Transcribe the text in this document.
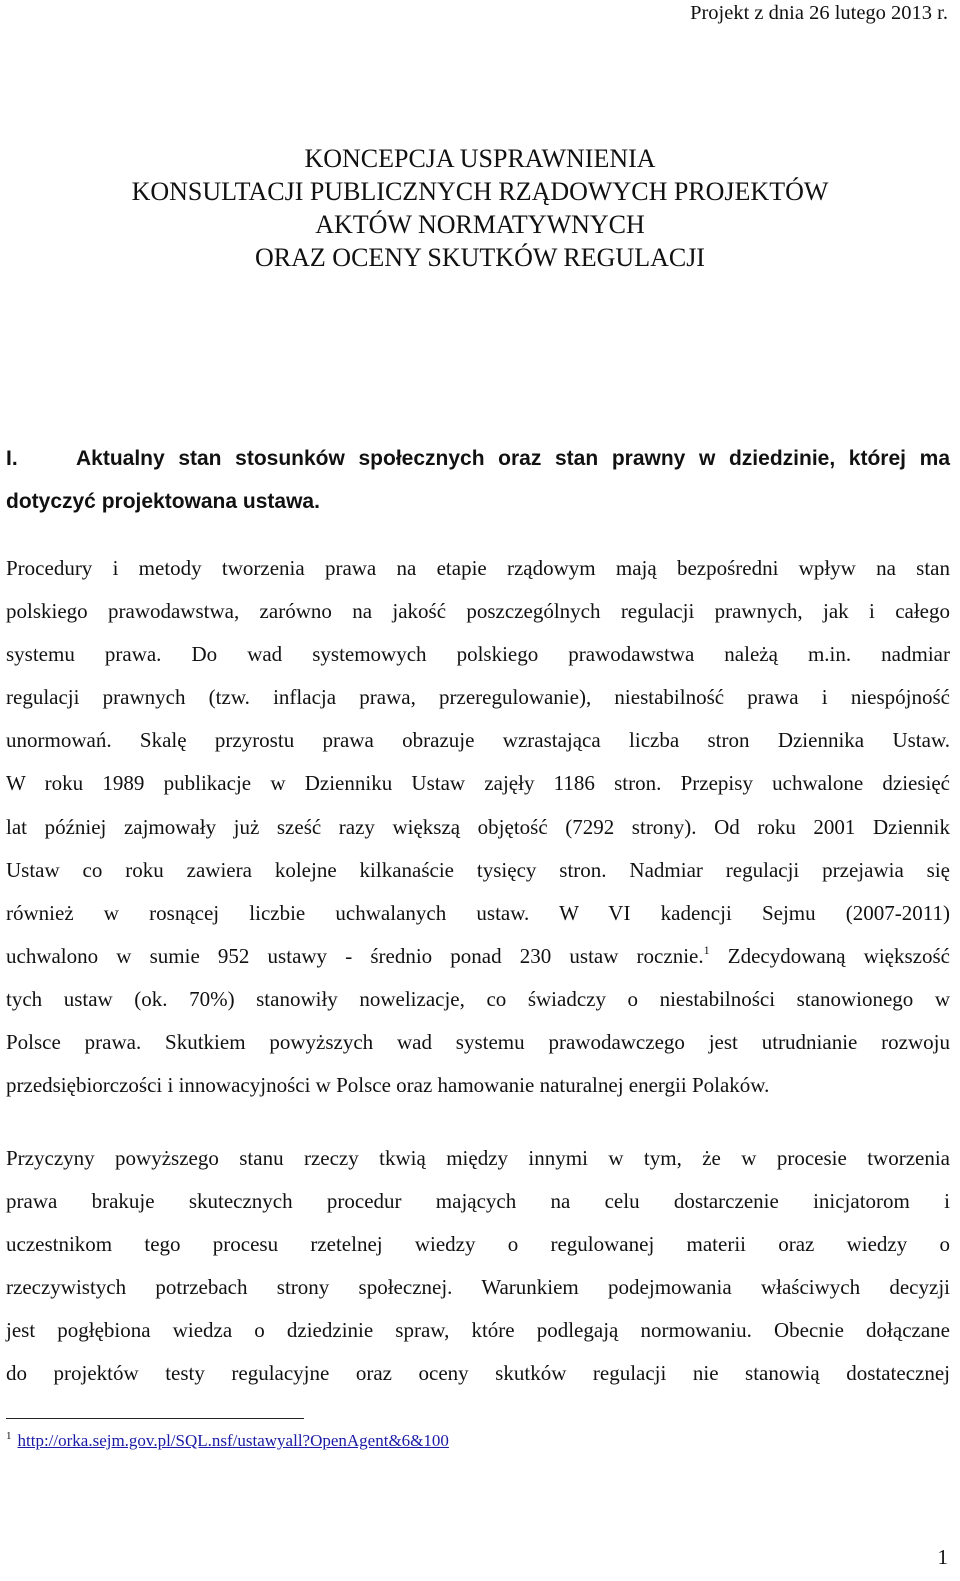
Projekt z dnia 26 lutego 2013 r.
KONCEPCJA USPRAWNIENIA
KONSULTACJI PUBLICZNYCH RZĄDOWYCH PROJEKTÓW
AKTÓW NORMATYWNYCH
ORAZ OCENY SKUTKÓW REGULACJI
I.	Aktualny stan stosunków społecznych oraz stan prawny w dziedzinie, której ma
dotyczyć projektowana ustawa.
Procedury i metody tworzenia prawa na etapie rządowym mają bezpośredni wpływ na stan
polskiego prawodawstwa, zarówno na jakość poszczególnych regulacji prawnych, jak i całego
systemu prawa. Do wad systemowych polskiego prawodawstwa należą m.in. nadmiar
regulacji prawnych (tzw. inflacja prawa, przeregulowanie), niestabilność prawa i niespójność
unormowań. Skalę przyrostu prawa obrazuje wzrastająca liczba stron Dziennika Ustaw.
W roku 1989 publikacje w Dzienniku Ustaw zajęły 1186 stron. Przepisy uchwalone dziesięć
lat później zajmowały już sześć razy większą objętość (7292 strony). Od roku 2001 Dziennik
Ustaw co roku zawiera kolejne kilkanaście tysięcy stron. Nadmiar regulacji przejawia się
również w rosnącej liczbie uchwalanych ustaw. W VI kadencji Sejmu (2007-2011)
uchwalono w sumie 952 ustawy - średnio ponad 230 ustaw rocznie.$^1$ Zdecydowaną większość
tych ustaw (ok. 70%) stanowiły nowelizacje, co świadczy o niestabilności stanowionego w
Polsce prawa. Skutkiem powyższych wad systemu prawodawczego jest utrudnianie rozwoju
przedsiębiorczości i innowacyjności w Polsce oraz hamowanie naturalnej energii Polaków.
Przyczyny powyższego stanu rzeczy tkwią między innymi w tym, że w procesie tworzenia
prawa brakuje skutecznych procedur mających na celu dostarczenie inicjatorom i
uczestnikom tego procesu rzetelnej wiedzy o regulowanej materii oraz wiedzy o
rzeczywistych potrzebach strony społecznej. Warunkiem podejmowania właściwych decyzji
jest pogłębiona wiedza o dziedzinie spraw, które podlegają normowaniu. Obecnie dołączane
do projektów testy regulacyjne oraz oceny skutków regulacji nie stanowią dostatecznej
$^1$ http://orka.sejm.gov.pl/SQL.nsf/ustawyall?OpenAgent&6&100
1
